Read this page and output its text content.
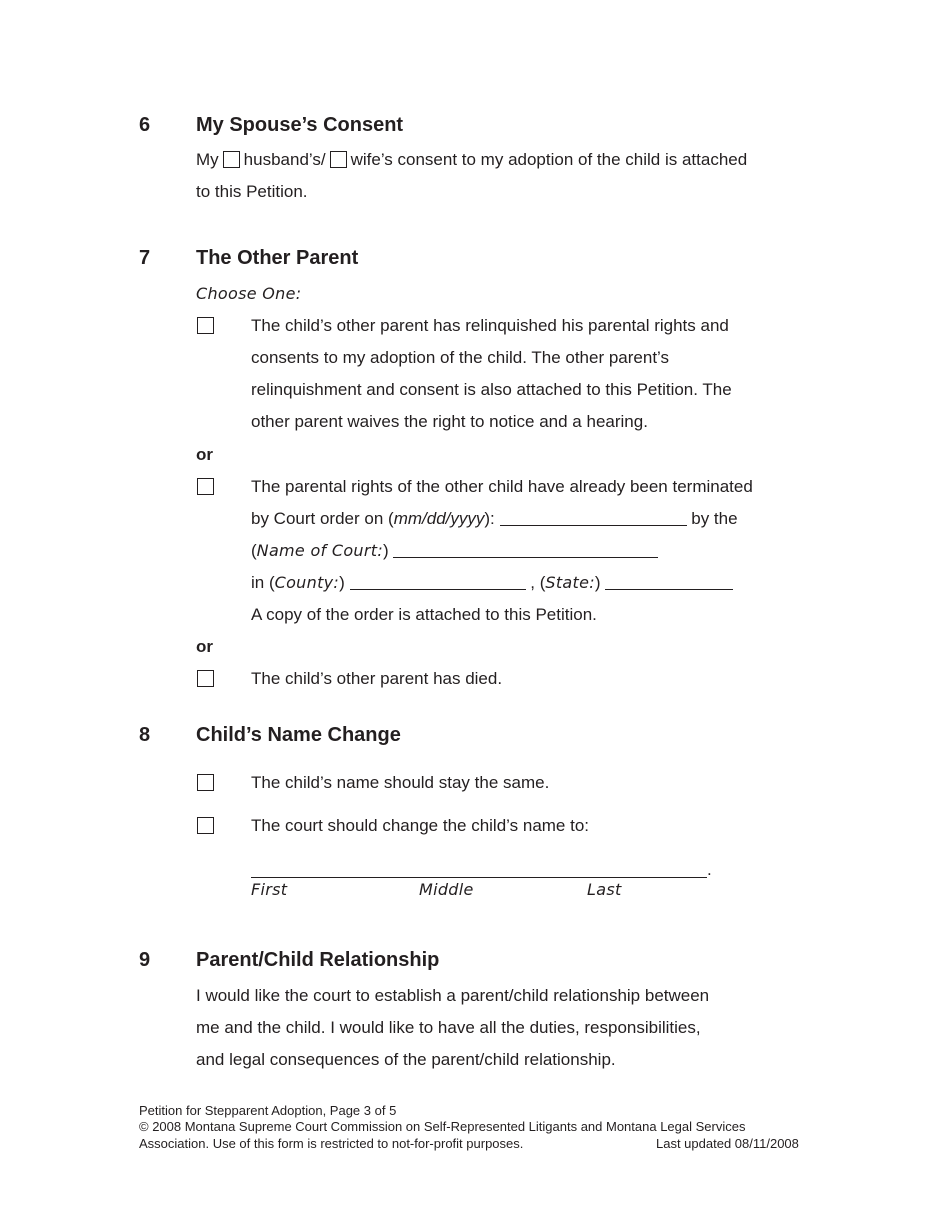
6 My Spouse’s Consent
My husband’s/ wife’s consent to my adoption of the child is attached
to this Petition.
7 The Other Parent
Choose One:
The child’s other parent has relinquished his parental rights and
consents to my adoption of the child. The other parent’s
relinquishment and consent is also attached to this Petition. The
other parent waives the right to notice and a hearing.
or
The parental rights of the other child have already been terminated
by Court order on (mm/dd/yyyy):	by the
(Name of Court:)
in (County:)	, (State:)
A copy of the order is attached to this Petition.
or
The child’s other parent has died.
8 Child’s Name Change
The child’s name should stay the same.
The court should change the child’s name to:
.
First	Middle	Last
9 Parent/Child Relationship
I would like the court to establish a parent/child relationship between
me and the child. I would like to have all the duties, responsibilities,
and legal consequences of the parent/child relationship.
Petition for Stepparent Adoption, Page 3 of 5
© 2008 Montana Supreme Court Commission on Self-Represented Litigants and Montana Legal Services
Association. Use of this form is restricted to not-for-profit purposes.	Last updated 08/11/2008
